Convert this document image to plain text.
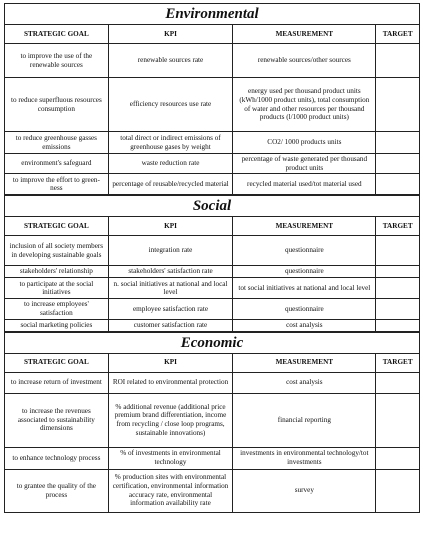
Environmental
STRATEGIC GOAL	KPI	MEASUREMENT	TARGET
to improve the use of the renewable sources	renewable sources rate	renewable sources/other sources	
to reduce superfluous resources consumption	efficiency resources use rate	energy used per thousand product units (kWh/1000 product units), total consumption of water and other resources per thousand products (l/1000 product units)	
to reduce greenhouse gasses emissions	total direct or indirect emissions of greenhouse gases by weight	CO2/ 1000 products units	
environment's safeguard	waste reduction rate	percentage of waste generated per thousand product units	
to improve the effort to green-ness	percentage of reusable/recycled material	recycled material used/tot material used	
Social
STRATEGIC GOAL	KPI	MEASUREMENT	TARGET
inclusion of all society members in developing sustainable goals	integration rate	questionnaire	
stakeholders' relationship	stakeholders' satisfaction rate	questionnaire	
to participate at the social initiatives	n. social initiatives at national and local level	tot social initiatives at national and local level	
to increase employees' satisfaction	employee satisfaction rate	questionnaire	
social marketing policies	customer satisfaction rate	cost analysis	
Economic
STRATEGIC GOAL	KPI	MEASUREMENT	TARGET
to increase return of investment	ROI related to environmental protection	cost analysis	
to increase the revenues associated to sustainability dimensions	% additional revenue (additional price premium brand differentiation, income from recycling / close loop programs, sustainable innovations)	financial reporting	
to enhance technology process	% of investments in environmental technology	investments in environmental technology/tot investments	
to grantee the quality of the process	% production sites with environmental certification, environmental information accuracy rate, environmental information availability rate	survey	
